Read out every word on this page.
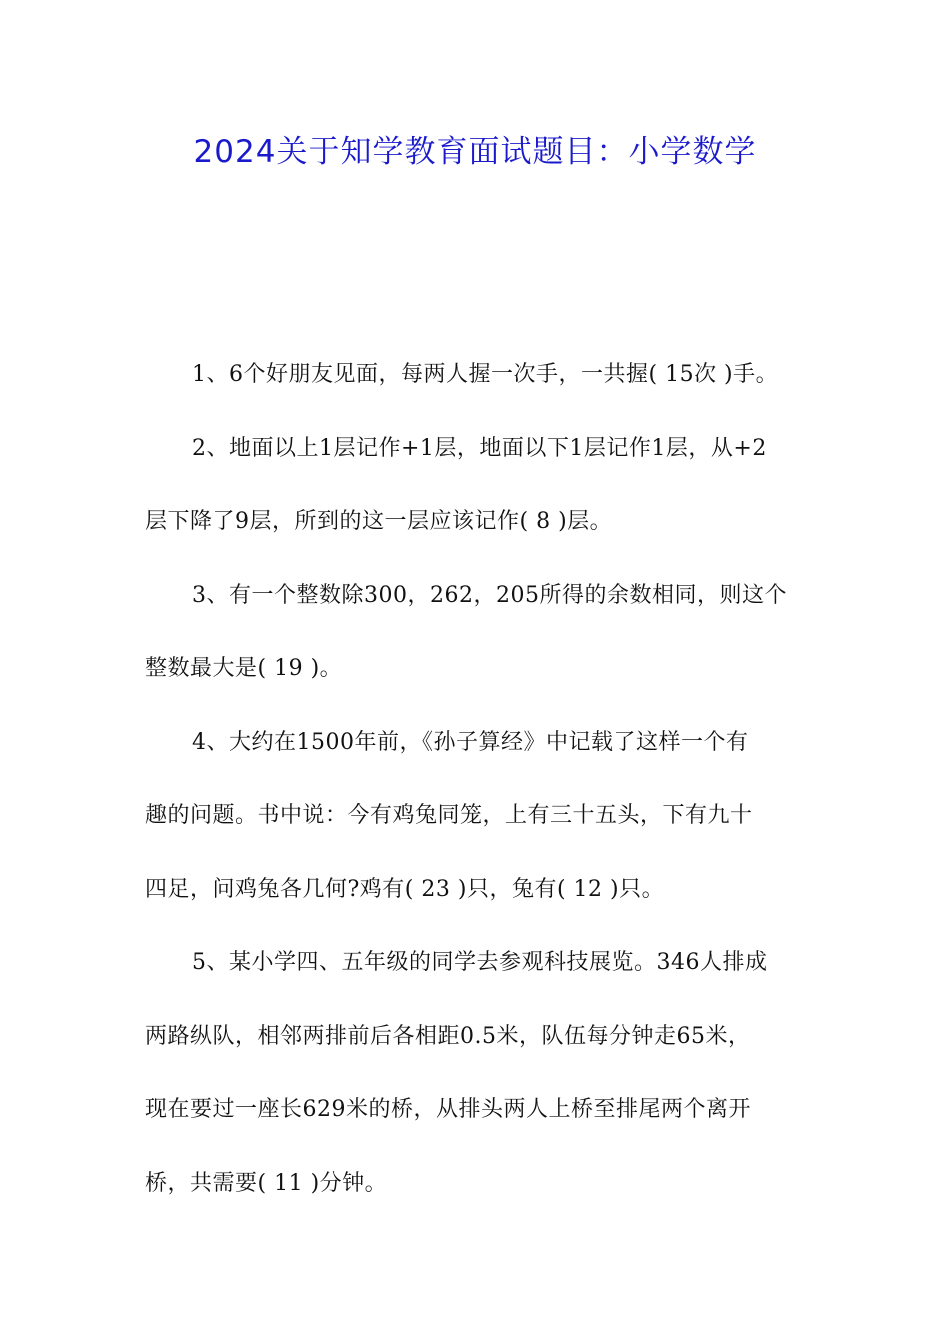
2024关于知学教育面试题目：小学数学

1、6个好朋友见面，每两人握一次手，一共握( 15次 )手。

2、地面以上1层记作+1层，地面以下1层记作1层，从+2
层下降了9层，所到的这一层应该记作( 8 )层。

3、有一个整数除300，262，205所得的余数相同，则这个
整数最大是( 19 )。

4、大约在1500年前，《孙子算经》中记载了这样一个有
趣的问题。书中说：今有鸡兔同笼，上有三十五头，下有九十
四足，问鸡兔各几何?鸡有( 23 )只，兔有( 12 )只。

5、某小学四、五年级的同学去参观科技展览。346人排成
两路纵队，相邻两排前后各相距0.5米，队伍每分钟走65米，
现在要过一座长629米的桥，从排头两人上桥至排尾两个离开
桥，共需要( 11 )分钟。
